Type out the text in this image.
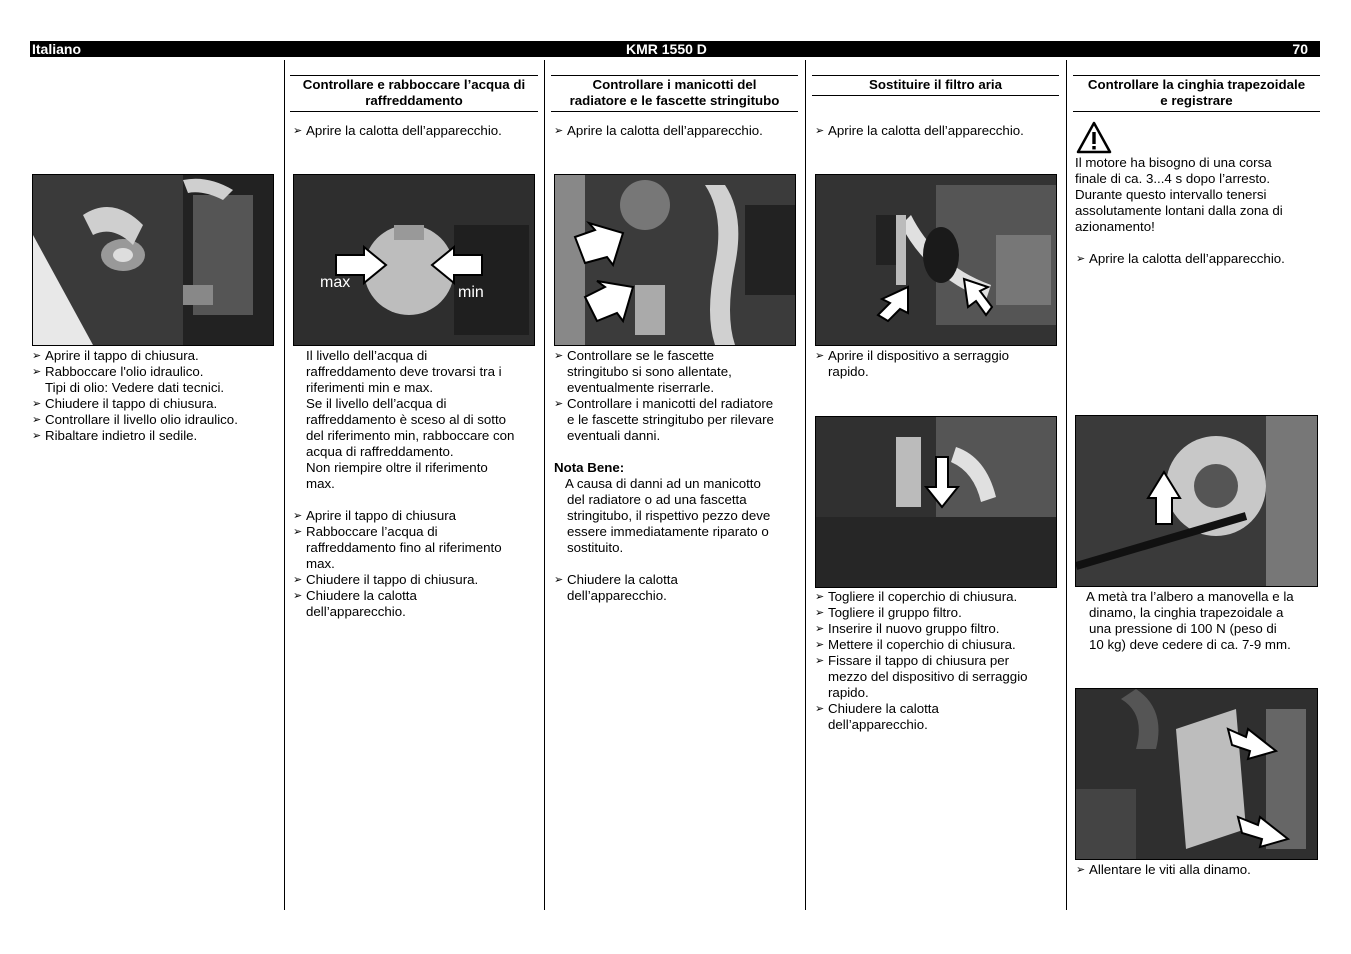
Italiano	KMR 1550 D	70
➢ Aprire il tappo di chiusura.
➢ Rabboccare l'olio idraulico.
Tipi di olio: Vedere dati tecnici.
➢ Chiudere il tappo di chiusura.
➢ Controllare il livello olio idraulico.
➢ Ribaltare indietro il sedile.
Controllare e rabboccare l’acqua di
raffreddamento
➢ Aprire la calotta dell’apparecchio.
max
min
Il livello dell’acqua di
raffreddamento deve trovarsi tra i
riferimenti min e max.
Se il livello dell’acqua di
raffreddamento è sceso al di sotto
del riferimento min, rabboccare con
acqua di raffreddamento.
Non riempire oltre il riferimento
max.
➢ Aprire il tappo di chiusura
➢ Rabboccare l’acqua di
raffreddamento fino al riferimento
max.
➢ Chiudere il tappo di chiusura.
➢ Chiudere la calotta
dell’apparecchio.
Controllare i manicotti del
radiatore e le fascette stringitubo
➢ Aprire la calotta dell’apparecchio.
➢ Controllare se le fascette
stringitubo si sono allentate,
eventualmente riserrarle.
➢ Controllare i manicotti del radiatore
e le fascette stringitubo per rilevare
eventuali danni.
Nota Bene:
A causa di danni ad un manicotto
del radiatore o ad una fascetta
stringitubo, il rispettivo pezzo deve
essere immediatamente riparato o
sostituito.
➢ Chiudere la calotta
dell’apparecchio.
Sostituire il filtro aria
➢ Aprire la calotta dell’apparecchio.
➢ Aprire il dispositivo a serraggio
rapido.
➢ Togliere il coperchio di chiusura.
➢ Togliere il gruppo filtro.
➢ Inserire il nuovo gruppo filtro.
➢ Mettere il coperchio di chiusura.
➢ Fissare il tappo di chiusura per
mezzo del dispositivo di serraggio
rapido.
➢ Chiudere la calotta
dell’apparecchio.
Controllare la cinghia trapezoidale
e registrare
Il motore ha bisogno di una corsa
finale di ca. 3...4 s dopo l’arresto.
Durante questo intervallo tenersi
assolutamente lontani dalla zona di
azionamento!
➢ Aprire la calotta dell’apparecchio.
A metà tra l’albero a manovella e la
dinamo, la cinghia trapezoidale a
una pressione di 100 N (peso di
10 kg) deve cedere di ca. 7-9 mm.
➢ Allentare le viti alla dinamo.
